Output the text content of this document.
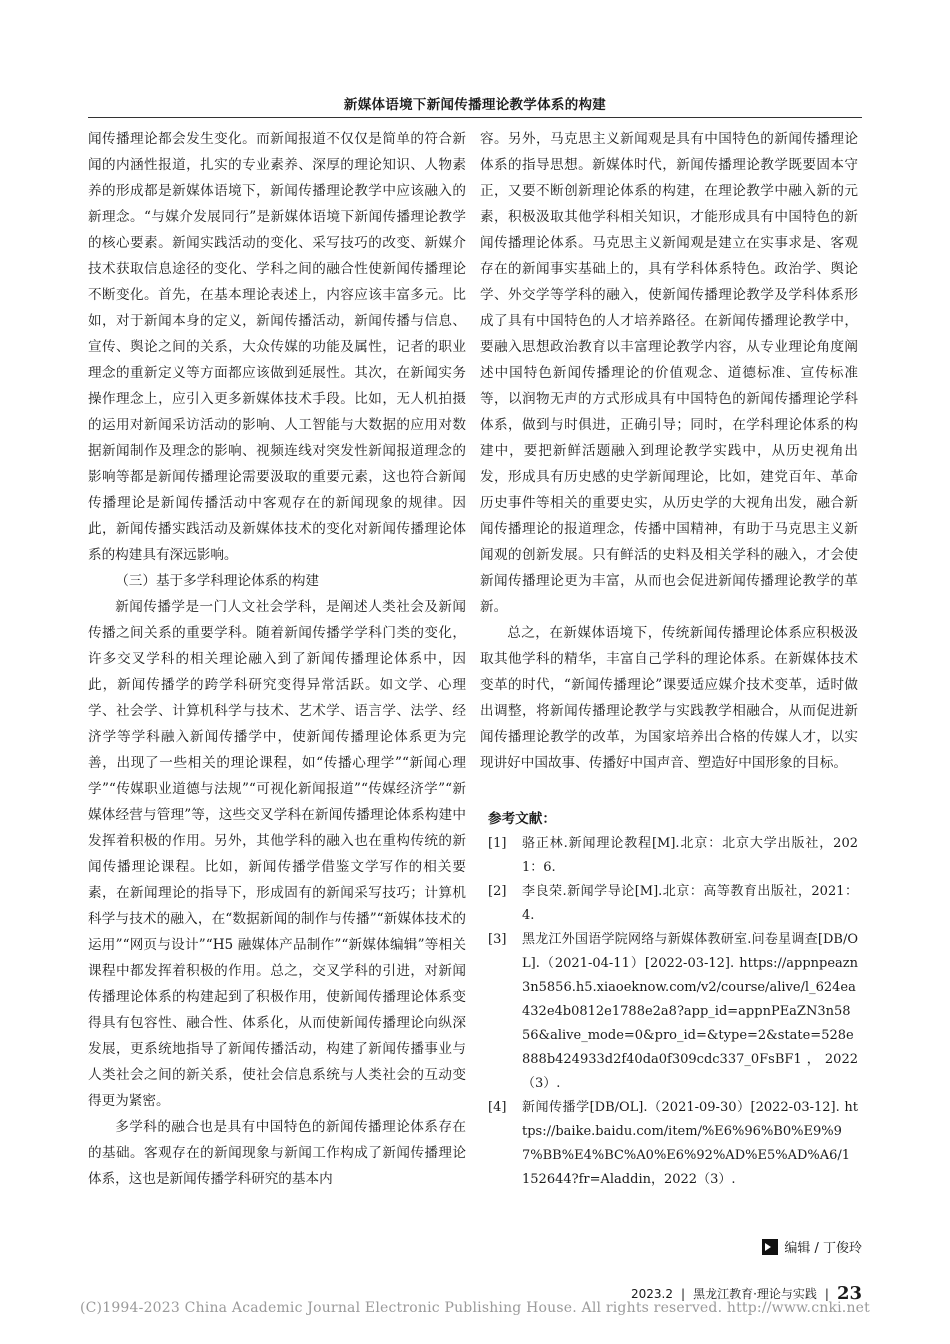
新媒体语境下新闻传播理论教学体系的构建

闻传播理论都会发生变化。而新闻报道不仅仅是简单的符合新闻的内涵性报道，扎实的专业素养、深厚的理论知识、人物素养的形成都是新媒体语境下，新闻传播理论教学中应该融入的新理念。“与媒介发展同行”是新媒体语境下新闻传播理论教学的核心要素。新闻实践活动的变化、采写技巧的改变、新媒介技术获取信息途径的变化、学科之间的融合性使新闻传播理论不断变化。首先，在基本理论表述上，内容应该丰富多元。比如，对于新闻本身的定义，新闻传播活动，新闻传播与信息、宣传、舆论之间的关系，大众传媒的功能及属性，记者的职业理念的重新定义等方面都应该做到延展性。其次，在新闻实务操作理念上，应引入更多新媒体技术手段。比如，无人机拍摄的运用对新闻采访活动的影响、人工智能与大数据的应用对数据新闻制作及理念的影响、视频连线对突发性新闻报道理念的影响等都是新闻传播理论需要汲取的重要元素，这也符合新闻传播理论是新闻传播活动中客观存在的新闻现象的规律。因此，新闻传播实践活动及新媒体技术的变化对新闻传播理论体系的构建具有深远影响。

（三）基于多学科理论体系的构建

新闻传播学是一门人文社会学科，是阐述人类社会及新闻传播之间关系的重要学科。随着新闻传播学学科门类的变化，许多交叉学科的相关理论融入到了新闻传播理论体系中，因此，新闻传播学的跨学科研究变得异常活跃。如文学、心理学、社会学、计算机科学与技术、艺术学、语言学、法学、经济学等学科融入新闻传播学中，使新闻传播理论体系更为完善，出现了一些相关的理论课程，如“传播心理学”“新闻心理学”“传媒职业道德与法规”“可视化新闻报道”“传媒经济学”“新媒体经营与管理”等，这些交叉学科在新闻传播理论体系构建中发挥着积极的作用。另外，其他学科的融入也在重构传统的新闻传播理论课程。比如，新闻传播学借鉴文学写作的相关要素，在新闻理论的指导下，形成固有的新闻采写技巧；计算机科学与技术的融入，在“数据新闻的制作与传播”“新媒体技术的运用”“网页与设计”“H5 融媒体产品制作”“新媒体编辑”等相关课程中都发挥着积极的作用。总之，交叉学科的引进，对新闻传播理论体系的构建起到了积极作用，使新闻传播理论体系变得具有包容性、融合性、体系化，从而使新闻传播理论向纵深发展，更系统地指导了新闻传播活动，构建了新闻传播事业与人类社会之间的新关系，使社会信息系统与人类社会的互动变得更为紧密。

多学科的融合也是具有中国特色的新闻传播理论体系存在的基础。客观存在的新闻现象与新闻工作构成了新闻传播理论体系，这也是新闻传播学科研究的基本内

容。另外，马克思主义新闻观是具有中国特色的新闻传播理论体系的指导思想。新媒体时代，新闻传播理论教学既要固本守正，又要不断创新理论体系的构建，在理论教学中融入新的元素，积极汲取其他学科相关知识，才能形成具有中国特色的新闻传播理论体系。马克思主义新闻观是建立在实事求是、客观存在的新闻事实基础上的，具有学科体系特色。政治学、舆论学、外交学等学科的融入，使新闻传播理论教学及学科体系形成了具有中国特色的人才培养路径。在新闻传播理论教学中，要融入思想政治教育以丰富理论教学内容，从专业理论角度阐述中国特色新闻传播理论的价值观念、道德标准、宣传标准等，以润物无声的方式形成具有中国特色的新闻传播理论学科体系，做到与时俱进，正确引导；同时，在学科理论体系的构建中，要把新鲜活题融入到理论教学实践中，从历史视角出发，形成具有历史感的史学新闻理论，比如，建党百年、革命历史事件等相关的重要史实，从历史学的大视角出发，融合新闻传播理论的报道理念，传播中国精神，有助于马克思主义新闻观的创新发展。只有鲜活的史料及相关学科的融入，才会使新闻传播理论更为丰富，从而也会促进新闻传播理论教学的革新。

总之，在新媒体语境下，传统新闻传播理论体系应积极汲取其他学科的精华，丰富自己学科的理论体系。在新媒体技术变革的时代，“新闻传播理论”课要适应媒介技术变革，适时做出调整，将新闻传播理论教学与实践教学相融合，从而促进新闻传播理论教学的改革，为国家培养出合格的传媒人才，以实现讲好中国故事、传播好中国声音、塑造好中国形象的目标。

参考文献：

[1]	骆正林.新闻理论教程[M].北京：北京大学出版社，2021：6.
[2]	李良荣.新闻学导论[M].北京：高等教育出版社，2021：4.
[3]	黑龙江外国语学院网络与新媒体教研室.问卷星调查[DB/OL].（2021-04-11）[2022-03-12]. https://appnpeazn3n5856.h5.xiaoeknow.com/v2/course/alive/l_624ea432e4b0812e1788e2a8?app_id=appnPEaZN3n5856&alive_mode=0&pro_id=&type=2&state=528e888b424933d2f40da0f309cdc337_0FsBF1，2022（3）.
[4]	新闻传播学[DB/OL].（2021-09-30）[2022-03-12]. https://baike.baidu.com/item/%E6%96%B0%E9%97%BB%E4%BC%A0%E6%92%AD%E5%AD%A6/1152644?fr=Aladdin，2022（3）.
编辑 / 丁俊玲
2023.2 | 黑龙江教育·理论与实践 | 23
(C)1994-2023 China Academic Journal Electronic Publishing House. All rights reserved. http://www.cnki.net
